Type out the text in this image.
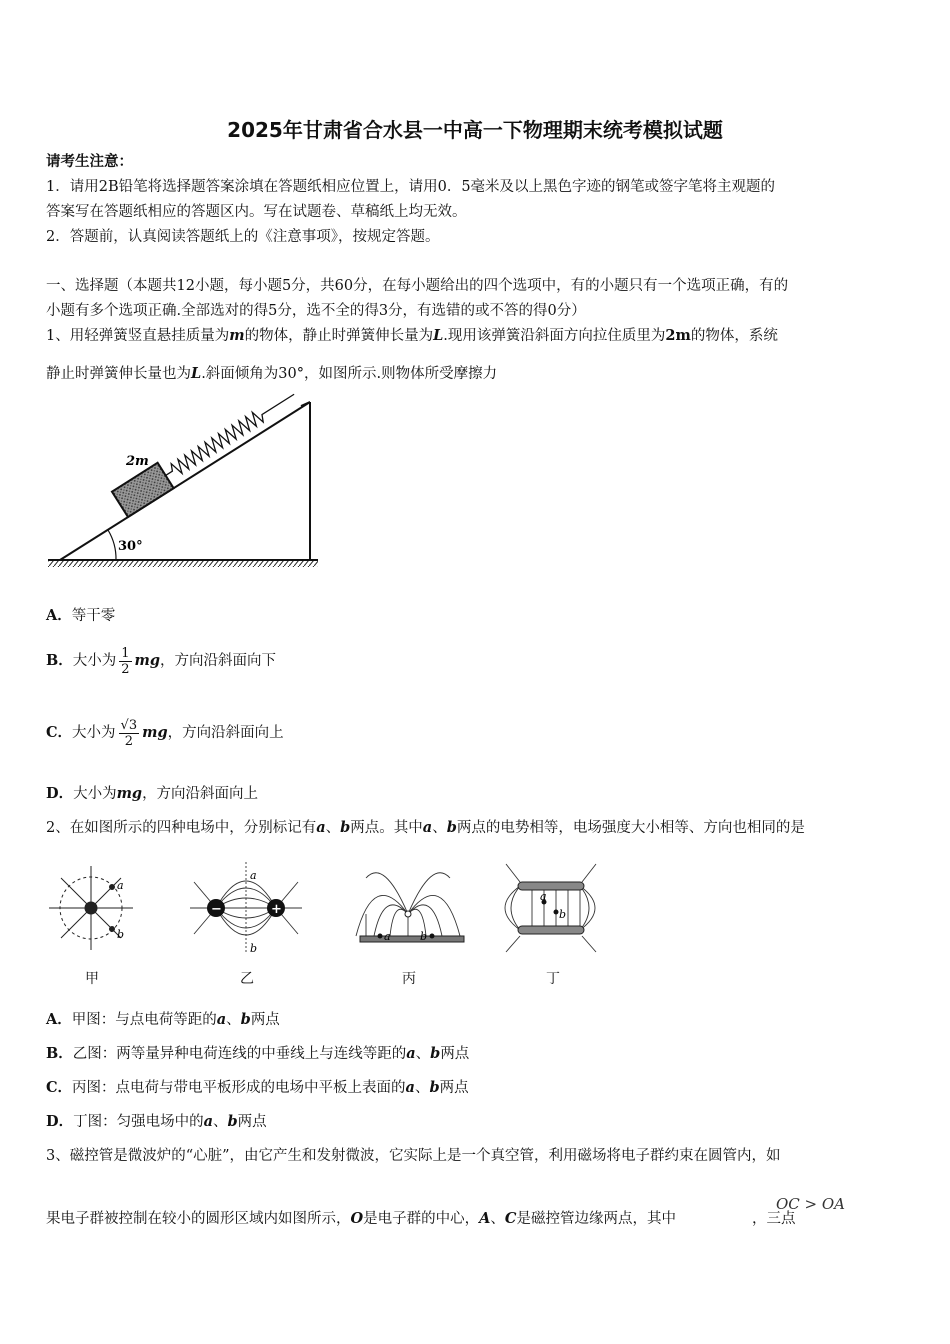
2025年甘肃省合水县一中高一下物理期末统考模拟试题
请考生注意：
1．请用2B铅笔将选择题答案涂填在答题纸相应位置上，请用0．5毫米及以上黑色字迹的钢笔或签字笔将主观题的
答案写在答题纸相应的答题区内。写在试题卷、草稿纸上均无效。
2．答题前，认真阅读答题纸上的《注意事项》，按规定答题。
一、选择题（本题共12小题，每小题5分，共60分，在每小题给出的四个选项中，有的小题只有一个选项正确，有的
小题有多个选项正确.全部选对的得5分，选不全的得3分，有选错的或不答的得0分）
1、用轻弹簧竖直悬挂质量为m的物体，静止时弹簧伸长量为L.现用该弹簧沿斜面方向拉住质里为2m的物体，系统
静止时弹簧伸长量也为L.斜面倾角为30°，如图所示.则物体所受摩擦力
30°
2m
A．等干零
B．大小为 $\frac{1}{2}$ mg，方向沿斜面向下
C．大小为 $\frac{√3}{2}$ mg，方向沿斜面向上
D．大小为mg，方向沿斜面向上
2、在如图所示的四种电场中，分别标记有a、b两点。其中a、b两点的电势相等，电场强度大小相等、方向也相同的是
a
b
−	+
a
b
a	b
a
b
甲	乙	丙	丁
A．甲图：与点电荷等距的a、b两点
B．乙图：两等量异种电荷连线的中垂线上与连线等距的a、b两点
C．丙图：点电荷与带电平板形成的电场中平板上表面的a、b两点
D．丁图：匀强电场中的a、b两点
3、磁控管是微波炉的“心脏”，由它产生和发射微波，它实际上是一个真空管，利用磁场将电子群约束在圆管内，如
OC > OA
果电子群被控制在较小的圆形区域内如图所示，O是电子群的中心，A、C是磁控管边缘两点，其中	，三点
